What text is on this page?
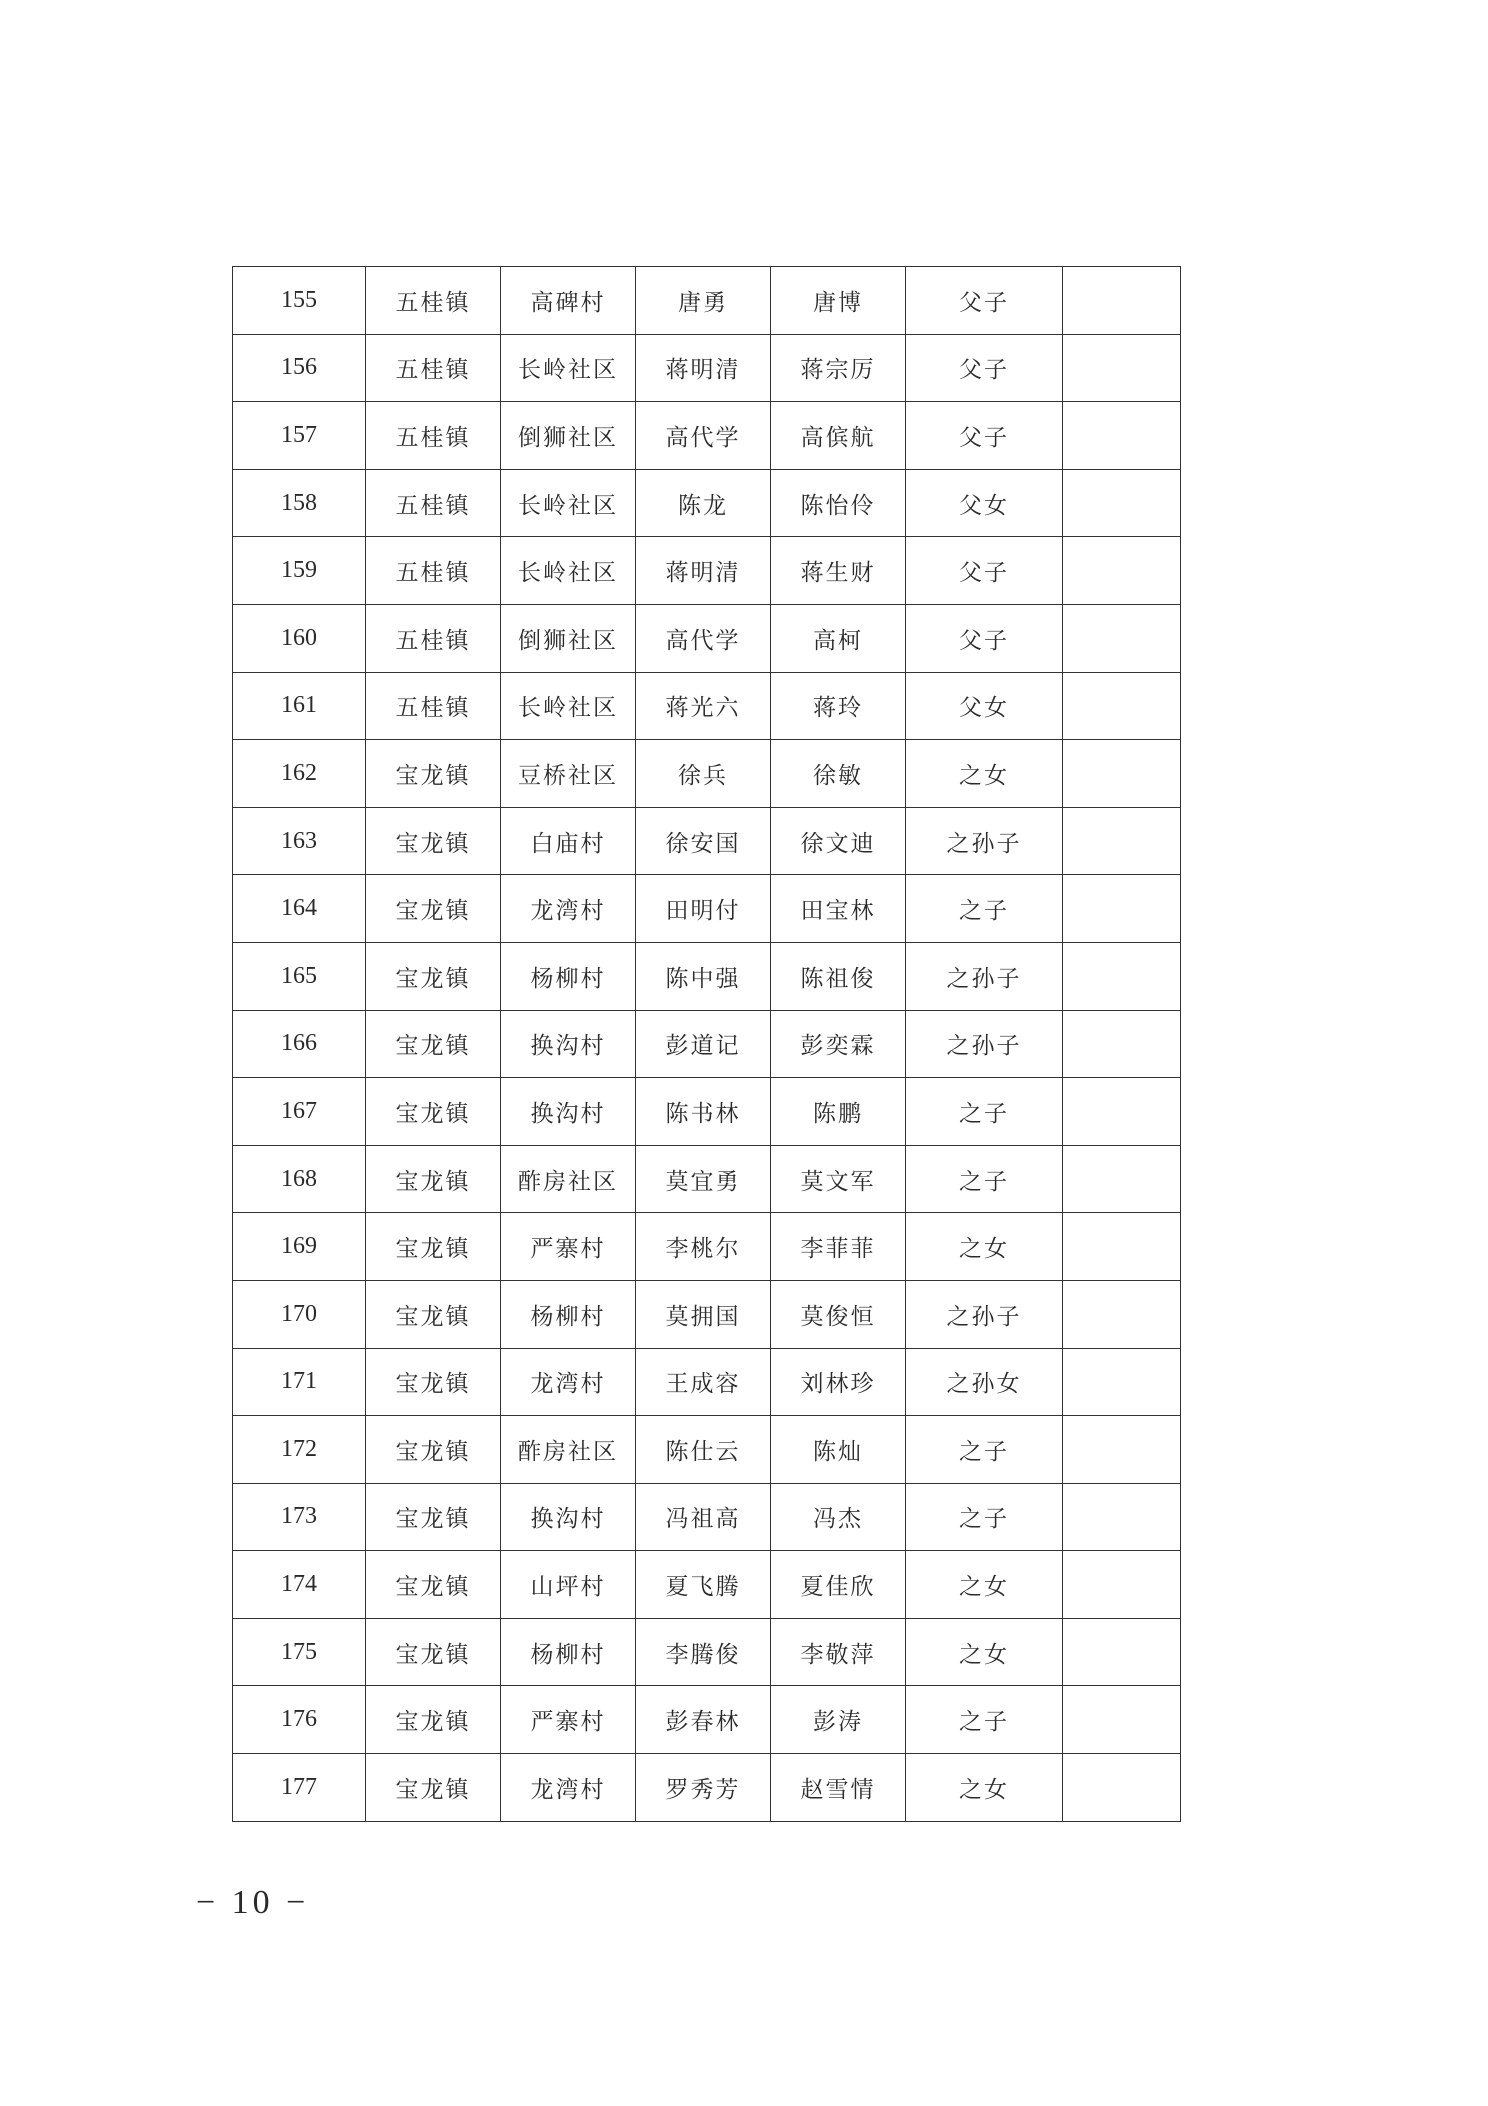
155	五桂镇	高碑村	唐勇	唐博	父子	
156	五桂镇	长岭社区	蒋明清	蒋宗厉	父子	
157	五桂镇	倒狮社区	高代学	高傧航	父子	
158	五桂镇	长岭社区	陈龙	陈怡伶	父女	
159	五桂镇	长岭社区	蒋明清	蒋生财	父子	
160	五桂镇	倒狮社区	高代学	高柯	父子	
161	五桂镇	长岭社区	蒋光六	蒋玲	父女	
162	宝龙镇	豆桥社区	徐兵	徐敏	之女	
163	宝龙镇	白庙村	徐安国	徐文迪	之孙子	
164	宝龙镇	龙湾村	田明付	田宝林	之子	
165	宝龙镇	杨柳村	陈中强	陈祖俊	之孙子	
166	宝龙镇	换沟村	彭道记	彭奕霖	之孙子	
167	宝龙镇	换沟村	陈书林	陈鹏	之子	
168	宝龙镇	酢房社区	莫宜勇	莫文军	之子	
169	宝龙镇	严寨村	李桃尔	李菲菲	之女	
170	宝龙镇	杨柳村	莫拥国	莫俊恒	之孙子	
171	宝龙镇	龙湾村	王成容	刘林珍	之孙女	
172	宝龙镇	酢房社区	陈仕云	陈灿	之子	
173	宝龙镇	换沟村	冯祖高	冯杰	之子	
174	宝龙镇	山坪村	夏飞腾	夏佳欣	之女	
175	宝龙镇	杨柳村	李腾俊	李敬萍	之女	
176	宝龙镇	严寨村	彭春林	彭涛	之子	
177	宝龙镇	龙湾村	罗秀芳	赵雪情	之女	
− 10 −
